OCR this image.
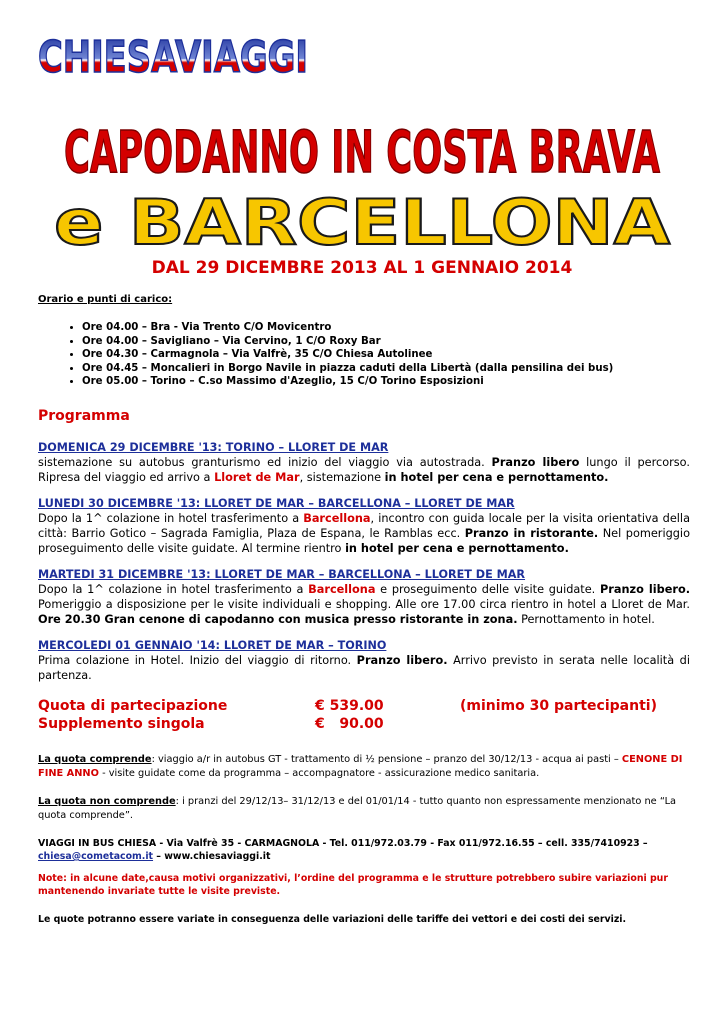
CHIESAVIAGGI
CAPODANNO IN COSTA BRAVA
e BARCELLONA
DAL 29 DICEMBRE 2013 AL 1 GENNAIO 2014

Orario e punti di carico:

• Ore 04.00 – Bra - Via Trento C/O Movicentro
• Ore 04.00 – Savigliano – Via Cervino, 1 C/O Roxy Bar
• Ore 04.30 – Carmagnola – Via Valfrè, 35 C/O Chiesa Autolinee
• Ore 04.45 – Moncalieri in Borgo Navile in piazza caduti della Libertà (dalla pensilina dei bus)
• Ore 05.00 – Torino – C.so Massimo d'Azeglio, 15 C/O Torino Esposizioni
Programma

DOMENICA 29 DICEMBRE '13: TORINO – LLORET DE MAR

sistemazione su autobus granturismo ed inizio del viaggio via autostrada. Pranzo libero lungo il percorso. Ripresa del viaggio ed arrivo a Lloret de Mar, sistemazione in hotel per cena e pernottamento.

LUNEDI 30 DICEMBRE '13: LLORET DE MAR – BARCELLONA – LLORET DE MAR

Dopo la 1^ colazione in hotel trasferimento a Barcellona, incontro con guida locale per la visita orientativa della città: Barrio Gotico – Sagrada Famiglia, Plaza de Espana, le Ramblas ecc. Pranzo in ristorante. Nel pomeriggio proseguimento delle visite guidate. Al termine rientro in hotel per cena e pernottamento.

MARTEDI 31 DICEMBRE '13: LLORET DE MAR – BARCELLONA – LLORET DE MAR

Dopo la 1^ colazione in hotel trasferimento a Barcellona e proseguimento delle visite guidate. Pranzo libero. Pomeriggio a disposizione per le visite individuali e shopping. Alle ore 17.00 circa rientro in hotel a Lloret de Mar. Ore 20.30 Gran cenone di capodanno con musica presso ristorante in zona. Pernottamento in hotel.

MERCOLEDI 01 GENNAIO '14: LLORET DE MAR – TORINO

Prima colazione in Hotel. Inizio del viaggio di ritorno. Pranzo libero. Arrivo previsto in serata nelle località di partenza.

Quota di partecipazione	€ 539.00	(minimo 30 partecipanti)
Supplemento singola	€   90.00

La quota comprende: viaggio a/r in autobus GT - trattamento di ½ pensione – pranzo del 30/12/13 - acqua ai pasti – CENONE DI FINE ANNO - visite guidate come da programma – accompagnatore - assicurazione medico sanitaria.

La quota non comprende: i pranzi del 29/12/13– 31/12/13 e del 01/01/14 - tutto quanto non espressamente menzionato ne “La quota comprende”.

VIAGGI IN BUS CHIESA - Via Valfrè 35 - CARMAGNOLA - Tel. 011/972.03.79 - Fax 011/972.16.55 – cell. 335/7410923 –
chiesa@cometacom.it – www.chiesaviaggi.it

Note: in alcune date,causa motivi organizzativi, l’ordine del programma e le strutture potrebbero subire variazioni pur mantenendo invariate tutte le visite previste.

Le quote potranno essere variate in conseguenza delle variazioni delle tariffe dei vettori e dei costi dei servizi.
